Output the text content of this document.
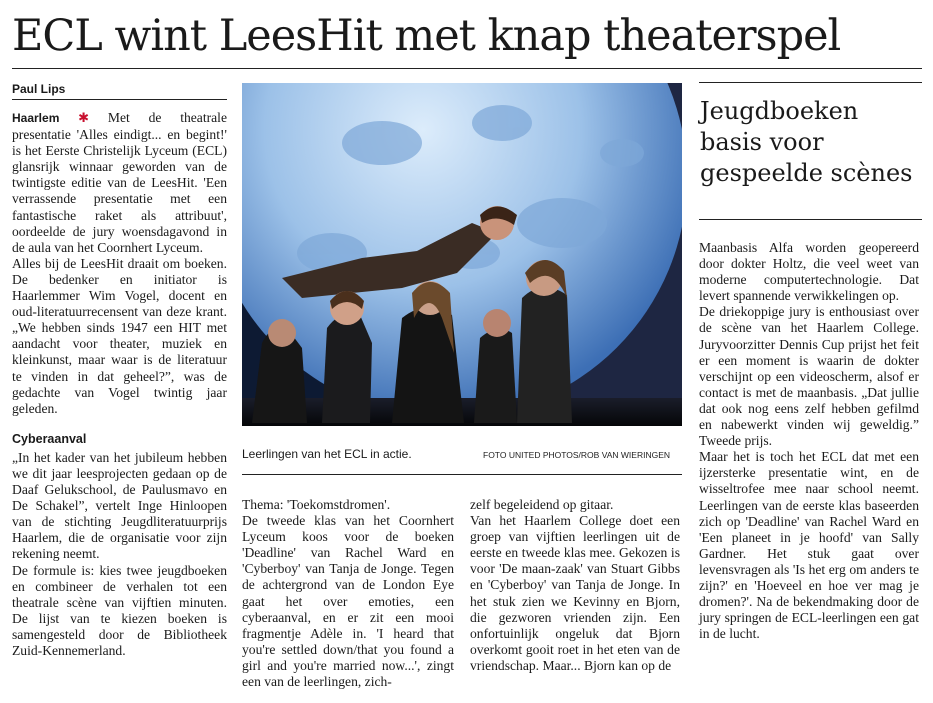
ECL wint LeesHit met knap theaterspel
Paul Lips

Haarlem ✱ Met de theatrale presentatie 'Alles eindigt... en begint!' is het Eerste Christelijk Lyceum (ECL) glansrijk winnaar geworden van de twintigste editie van de LeesHit. 'Een verrassende presentatie met een fantastische raket als attribuut', oordeelde de jury woensdagavond in de aula van het Coornhert Lyceum.

Alles bij de LeesHit draait om boeken. De bedenker en initiator is Haarlemmer Wim Vogel, docent en oud-literatuurrecensent van deze krant. „We hebben sinds 1947 een HIT met aandacht voor theater, muziek en kleinkunst, maar waar is de literatuur te vinden in dat geheel?”, was de gedachte van Vogel twintig jaar geleden.

Cyberaanval

„In het kader van het jubileum hebben we dit jaar leesprojecten gedaan op de Daaf Gelukschool, de Paulusmavo en De Schakel”, vertelt Inge Hinloopen van de stichting Jeugdliteratuurprijs Haarlem, die de organisatie voor zijn rekening neemt.

De formule is: kies twee jeugdboeken en combineer de verhalen tot een theatrale scène van vijftien minuten. De lijst van te kiezen boeken is samengesteld door de Bibliotheek Zuid-Kennemerland.

Leerlingen van het ECL in actie.	FOTO UNITED PHOTOS/ROB VAN WIERINGEN

Thema: 'Toekomstdromen'.

De tweede klas van het Coornhert Lyceum koos voor de boeken 'Deadline' van Rachel Ward en 'Cyberboy' van Tanja de Jonge. Tegen de achtergrond van de London Eye gaat het over emoties, een cyberaanval, en er zit een mooi fragmentje Adèle in. 'I heard that you're settled down/that you found a girl and you're married now...', zingt een van de leerlingen, zich-

zelf begeleidend op gitaar.

Van het Haarlem College doet een groep van vijftien leerlingen uit de eerste en tweede klas mee. Gekozen is voor 'De maan-zaak' van Stuart Gibbs en 'Cyberboy' van Tanja de Jonge. In het stuk zien we Kevinny en Bjorn, die gezworen vrienden zijn. Een onfortuinlijk ongeluk dat Bjorn overkomt gooit roet in het eten van de vriendschap. Maar... Bjorn kan op de

Jeugdboeken basis voor gespeelde scènes

Maanbasis Alfa worden geopereerd door dokter Holtz, die veel weet van moderne computertechnologie. Dat levert spannende verwikkelingen op.

De driekoppige jury is enthousiast over de scène van het Haarlem College. Juryvoorzitter Dennis Cup prijst het feit er een moment is waarin de dokter verschijnt op een videoscherm, alsof er contact is met de maanbasis. „Dat jullie dat ook nog eens zelf hebben gefilmd en nabewerkt vinden wij geweldig.” Tweede prijs.

Maar het is toch het ECL dat met een ijzersterke presentatie wint, en de wisseltrofee mee naar school neemt. Leerlingen van de eerste klas baseerden zich op 'Deadline' van Rachel Ward en 'Een planeet in je hoofd' van Sally Gardner. Het stuk gaat over levensvragen als 'Is het erg om anders te zijn?' en 'Hoeveel en hoe ver mag je dromen?'. Na de bekendmaking door de jury springen de ECL-leerlingen een gat in de lucht.
